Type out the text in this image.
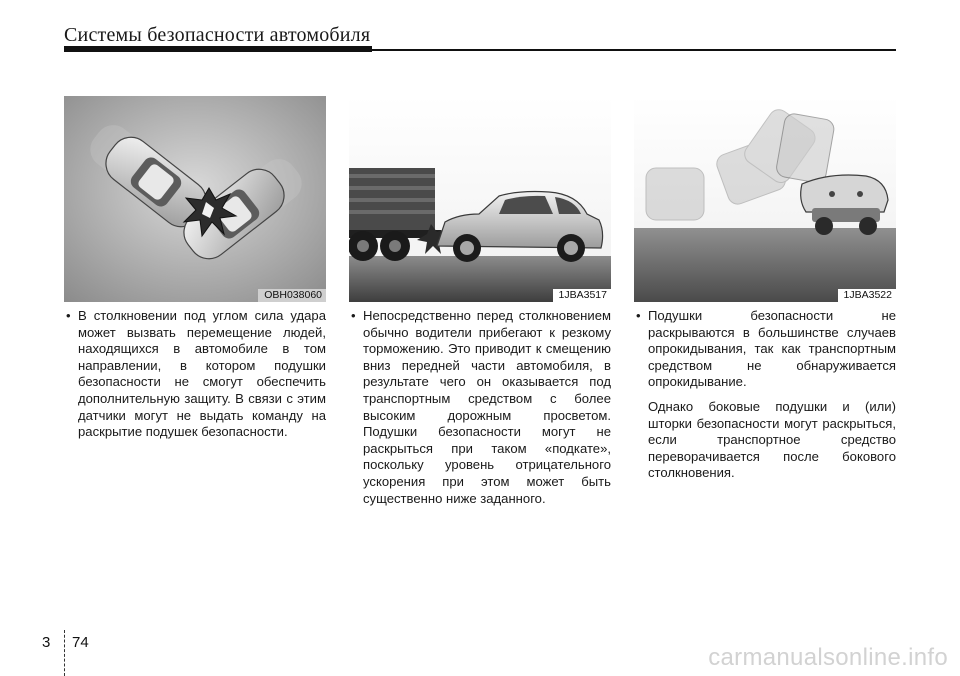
Системы безопасности автомобиля
OBH038060	1JBA3517	1JBA3522

• В столкновении под углом сила удара может вызвать перемещение людей, находящихся в автомобиле в том направлении, в котором подушки безопасности не смогут обеспечить дополнительную защиту. В связи с этим датчики могут не выдать команду на раскрытие подушек безопасности.

• Непосредственно перед столкновением обычно водители прибегают к резкому торможению. Это приводит к смещению вниз передней части автомобиля, в результате чего он оказывается под транспортным средством с более высоким дорожным просветом. Подушки безопасности могут не раскрыться при таком «подкате», поскольку уровень отрицательного ускорения при этом может быть существенно ниже заданного.

• Подушки безопасности не раскрываются в большинстве случаев опрокидывания, так как транспортным средством не обнаруживается опрокидывание.

Однако боковые подушки и (или) шторки безопасности могут раскрыться, если транспортное средство переворачивается после бокового столкновения.

3 74
carmanualsonline.info
